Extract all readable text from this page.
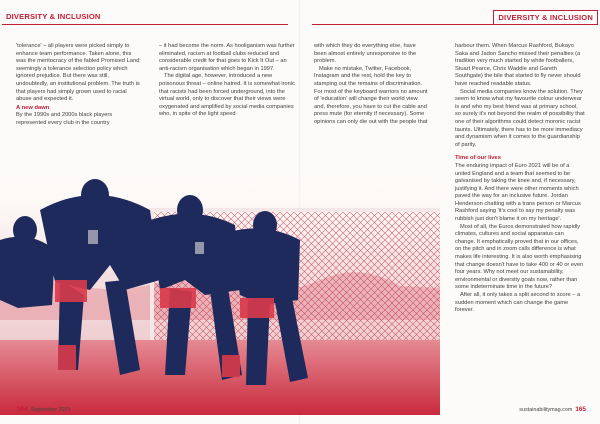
DIVERSITY & INCLUSION	DIVERSITY & INCLUSION

'tolerance' – all players were picked simply to enhance team performance. Taken alone, this was the meritocracy of the fabled Promised Land: seemingly a tolerance selection policy which ignored prejudice. But there was still, undoubtedly, an institutional problem. The truth is that players had simply grown used to racial abuse and expected it.

A new dawn

By the 1990s and 2000s black players represented every club in the country

– it had become the norm. As hooliganism was further eliminated, racism at football clubs reduced and considerable credit for that goes to Kick It Out – an anti-racism organisation which began in 1997.

The digital age, however, introduced a new poisonous threat – online hatred. It is somewhat ironic that racists had been forced underground, into the virtual world, only to discover that their views were oxygenated and amplified by social media companies who, in spite of the light speed

with which they do everything else, have been almost entirely unresponsive to the problem.

Make no mistake, Twitter, Facebook, Instagram and the rest, hold the key to stamping out the remains of discrimination. For most of the keyboard warriors no amount of 'education' will change their world view and, therefore, you have to cut the cable and press mute (for eternity if necessary). Some opinions can only die out with the people that

harbour them. When Marcus Rashford, Bukayo Saka and Jadon Sancho missed their penalties (a tradition very much started by white footballers, Stuart Pearce, Chris Waddle and Gareth Southgate) the bile that started to fly never should have reached readable status.

Social media companies know the solution. They seem to know what my favourite colour underwear is and who my best friend was at primary school, so surely it's not beyond the realm of possibility that one of their algorithms could detect moronic racist taunts. Ultimately, there has to be more immediacy and dynamism when it comes to the guardianship of parity.

Time of our lives

The enduring impact of Euro 2021 will be of a united England and a team that seemed to be galvanised by taking the knee and, if necessary, justifying it. And there were other moments which paved the way for an inclusive future. Jordan Henderson chatting with a trans person or Marcus Rashford saying 'it's cool to say my penalty was rubbish just don't blame it on my heritage'.

Most of all, the Euros demonstrated how rapidly climates, cultures and social apparatus can change. It emphatically proved that in our offices, on the pitch and in zoom calls difference is what makes life interesting. It is also worth emphasising that change doesn't have to take 400 or 40 or even four years. Why not meet our sustainability, environmental or diversity goals now, rather than some indeterminate time in the future?

After all, it only takes a split second to score – a sudden moment which can change the game forever.

164 September 2021	sustainabilitymag.com 165
